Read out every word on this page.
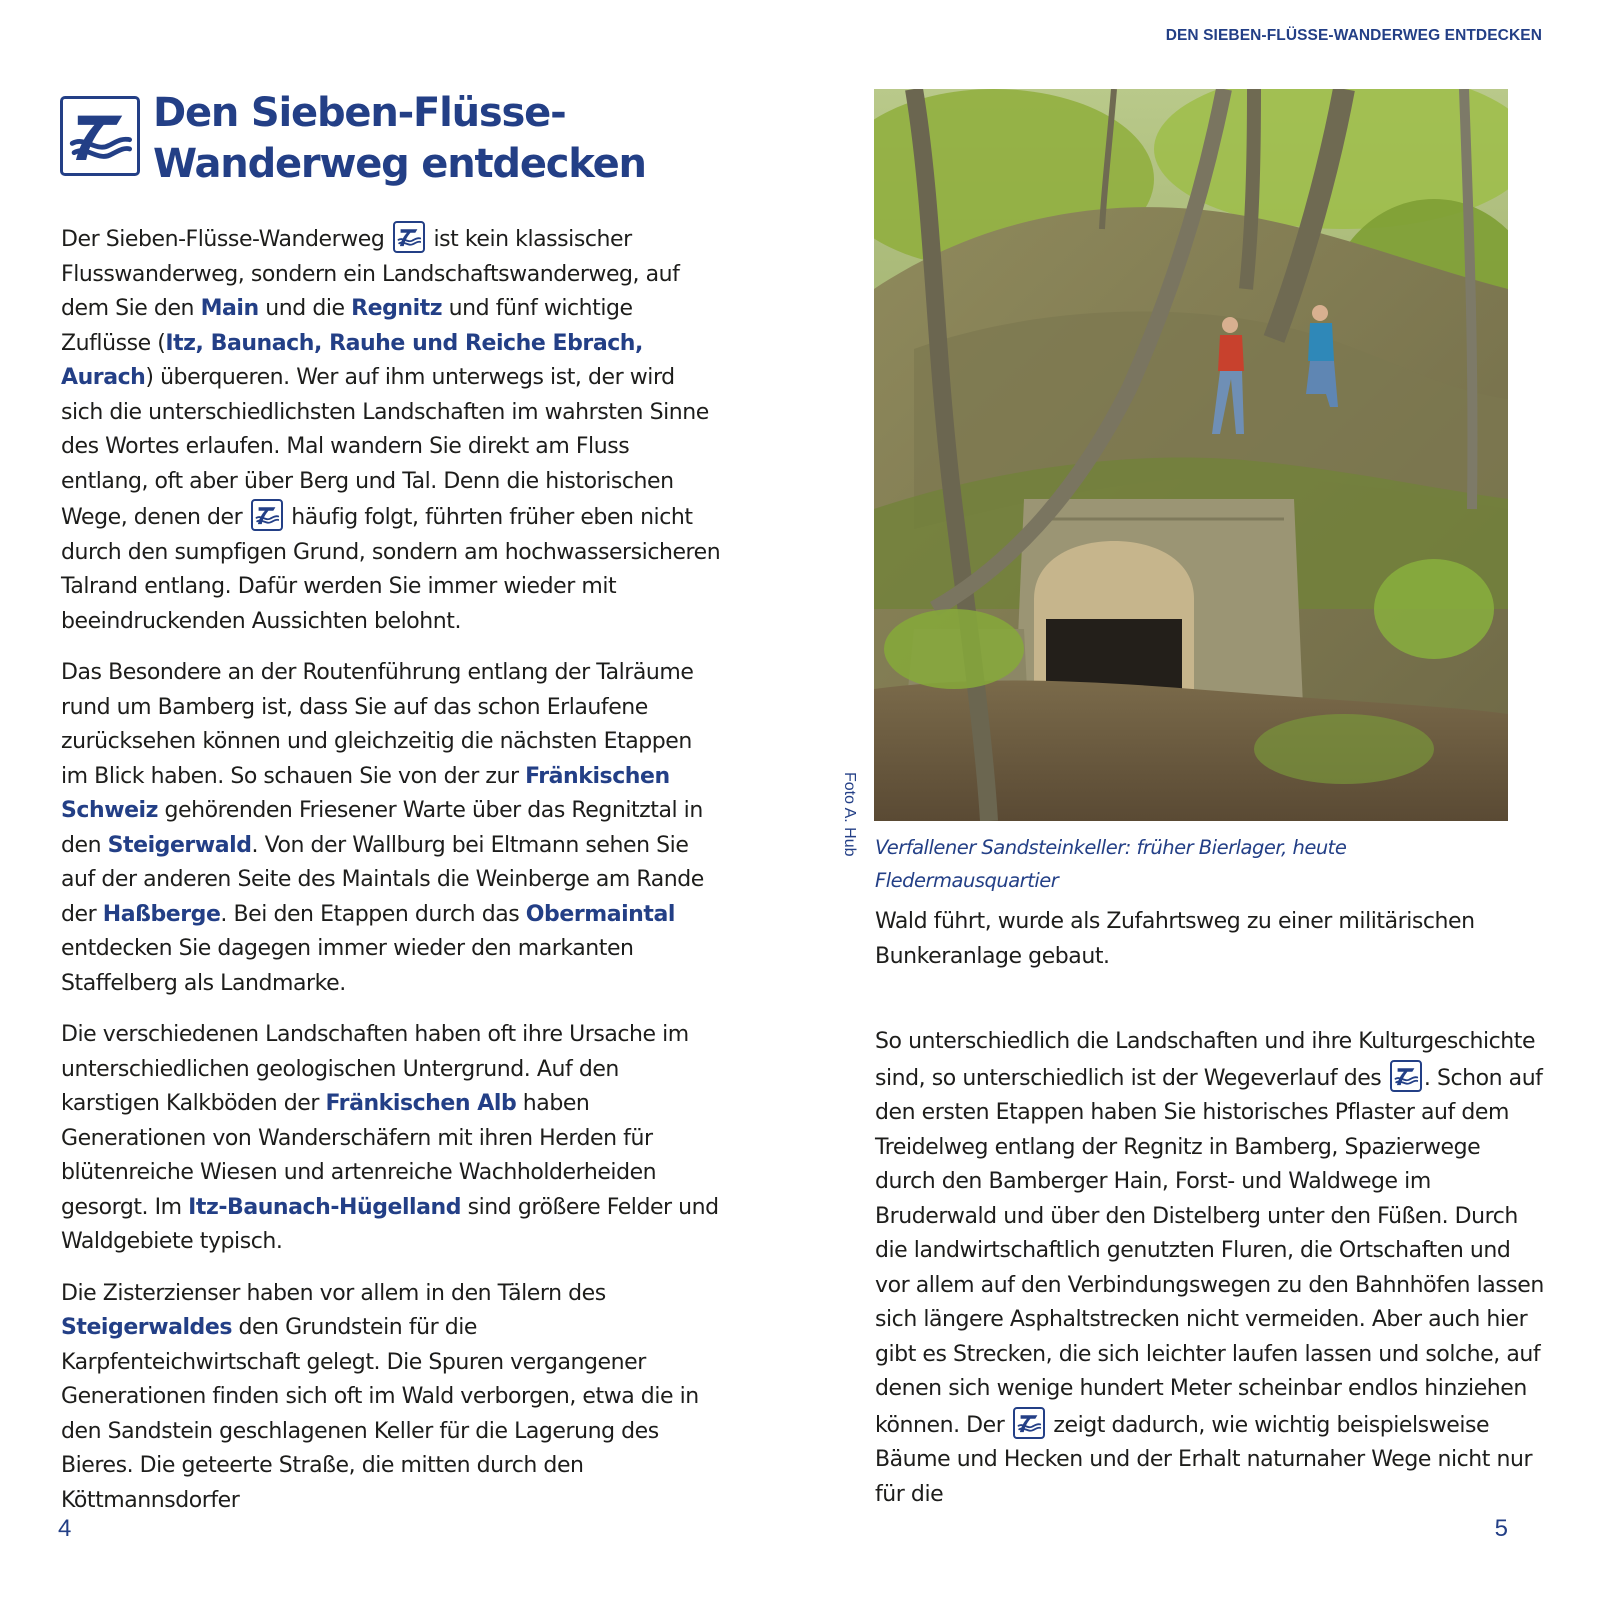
DEN SIEBEN-FLÜSSE-WANDERWEG ENTDECKEN
Den Sieben-Flüsse-
Wanderweg entdecken

Der Sieben-Flüsse-Wanderweg
ist kein klassischer Flusswanderweg, sondern ein Landschaftswanderweg, auf dem Sie den Main und die Regnitz und fünf wichtige Zuflüsse (Itz, Baunach, Rauhe und Reiche Ebrach, Aurach) überqueren. Wer auf ihm unterwegs ist, der wird sich die unterschiedlichsten Landschaften im wahrsten Sinne des Wortes erlaufen. Mal wandern Sie direkt am Fluss entlang, oft aber über Berg und Tal. Denn die historischen Wege, denen der
häufig folgt, führten früher eben nicht durch den sumpfigen Grund, sondern am hochwassersicheren Talrand entlang. Dafür werden Sie immer wieder mit beeindruckenden Aussichten belohnt.

Das Besondere an der Routenführung entlang der Talräume rund um Bamberg ist, dass Sie auf das schon Erlaufene zurücksehen können und gleichzeitig die nächsten Etappen im Blick haben. So schauen Sie von der zur Fränkischen Schweiz gehörenden Friesener Warte über das Regnitztal in den Steigerwald. Von der Wallburg bei Eltmann sehen Sie auf der anderen Seite des Maintals die Weinberge am Rande der Haßberge. Bei den Etappen durch das Obermaintal entdecken Sie dagegen immer wieder den markanten Staffelberg als Landmarke.

Die verschiedenen Landschaften haben oft ihre Ursache im unterschiedlichen geologischen Untergrund. Auf den karstigen Kalkböden der Fränkischen Alb haben Generationen von Wanderschäfern mit ihren Herden für blütenreiche Wiesen und artenreiche Wachholderheiden gesorgt. Im Itz-Baunach-Hügelland sind größere Felder und Waldgebiete typisch.

Die Zisterzienser haben vor allem in den Tälern des Steigerwaldes den Grundstein für die Karpfenteichwirtschaft gelegt. Die Spuren vergangener Generationen finden sich oft im Wald verborgen, etwa die in den Sandstein geschlagenen Keller für die Lagerung des Bieres. Die geteerte Straße, die mitten durch den Köttmannsdorfer

Foto A. Hub Verfallener Sandsteinkeller: früher Bierlager, heute Fledermausquartier

Wald führt, wurde als Zufahrtsweg zu einer militärischen Bunkeranlage gebaut.

So unterschiedlich die Landschaften und ihre Kulturgeschichte sind, so unterschiedlich ist der Wegeverlauf des . Schon auf den ersten Etappen haben Sie historisches Pflaster auf dem Treidelweg entlang der Regnitz in Bamberg, Spazierwege durch den Bamberger Hain, Forst- und Waldwege im Bruderwald und über den Distelberg unter den Füßen. Durch die landwirtschaftlich genutzten Fluren, die Ortschaften und vor allem auf den Verbindungswegen zu den Bahnhöfen lassen sich längere Asphaltstrecken nicht vermeiden. Aber auch hier gibt es Strecken, die sich leichter laufen lassen und solche, auf denen sich wenige hundert Meter scheinbar endlos hinziehen können. Der
zeigt dadurch, wie wichtig beispielsweise Bäume und Hecken und der Erhalt naturnaher Wege nicht nur für die

4	5
